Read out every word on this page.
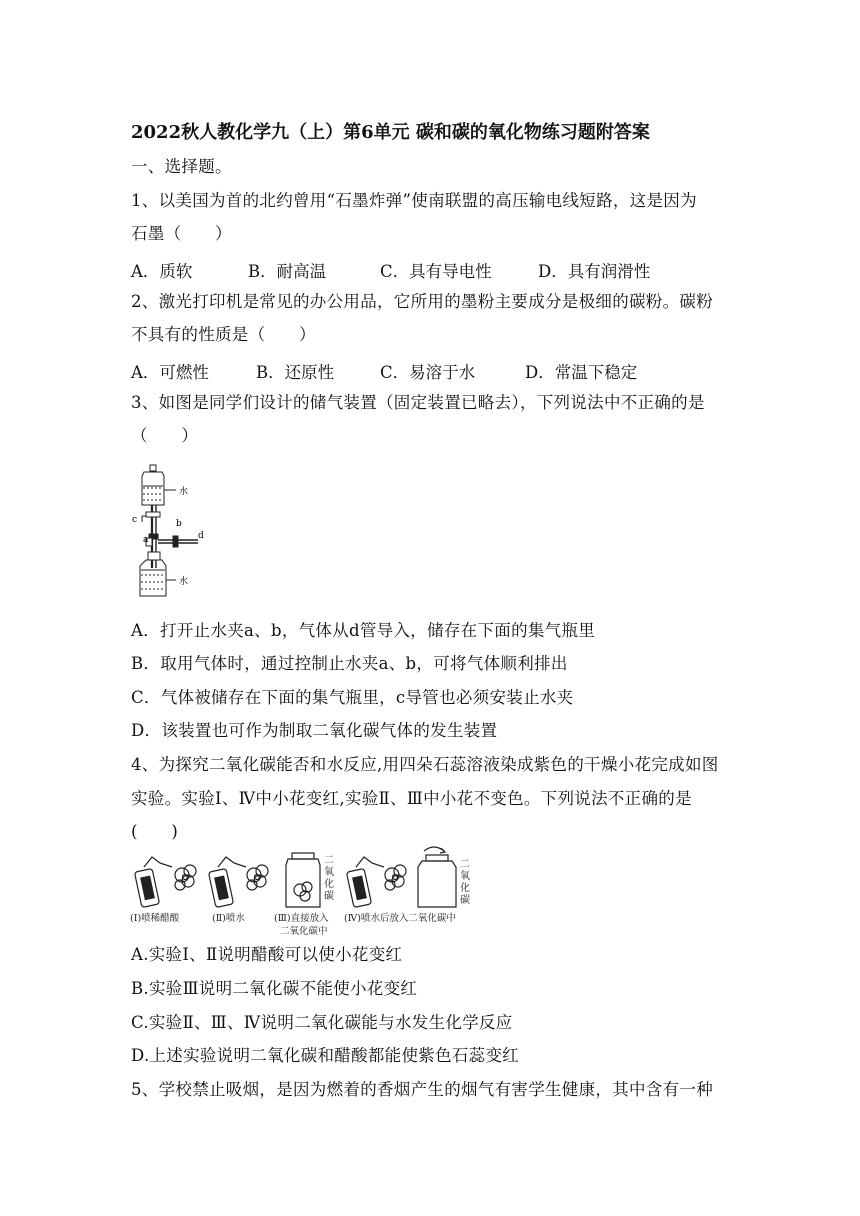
2022秋人教化学九（上）第6单元 碳和碳的氧化物练习题附答案
一、选择题。
1、以美国为首的北约曾用“石墨炸弹”使南联盟的高压输电线短路，这是因为
石墨（　　）
A．质软	B．耐高温	C．具有导电性	D．具有润滑性
2、激光打印机是常见的办公用品，它所用的墨粉主要成分是极细的碳粉。碳粉
不具有的性质是（　　）
A．可燃性	B．还原性	C．易溶于水	D．常温下稳定
3、如图是同学们设计的储气装置（固定装置已略去），下列说法中不正确的是
（　　）
水
c	b
a	d
水
A．打开止水夹a、b，气体从d管导入，储存在下面的集气瓶里
B．取用气体时，通过控制止水夹a、b，可将气体顺利排出
C．气体被储存在下面的集气瓶里，c导管也必须安装止水夹
D．该装置也可作为制取二氧化碳气体的发生装置
4、为探究二氧化碳能否和水反应,用四朵石蕊溶液染成紫色的干燥小花完成如图
实验。实验Ⅰ、Ⅳ中小花变红,实验Ⅱ、Ⅲ中小花不变色。下列说法不正确的是
(　　)
二
氧
化
碳
二
氧
化
碳
(Ⅰ)喷稀醋酸	(Ⅱ)喷水	(Ⅲ)直接放入
二氧化碳中
(Ⅳ)喷水后放入二氧化碳中
A.实验Ⅰ、Ⅱ说明醋酸可以使小花变红
B.实验Ⅲ说明二氧化碳不能使小花变红
C.实验Ⅱ、Ⅲ、Ⅳ说明二氧化碳能与水发生化学反应
D.上述实验说明二氧化碳和醋酸都能使紫色石蕊变红
5、学校禁止吸烟，是因为燃着的香烟产生的烟气有害学生健康，其中含有一种
